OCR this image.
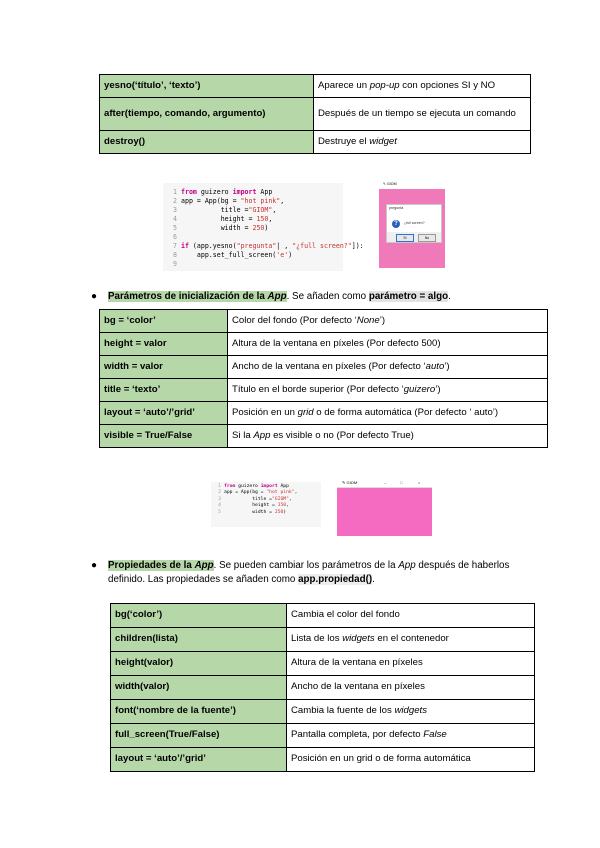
yesno(‘título’, ‘texto’)	Aparece un pop-up con opciones SI y NO
after(tiempo, comando, argumento)	Después de un tiempo se ejecuta un comando
destroy()	Destruye el widget
1 from guizero import App
2 app = App(bg = "hot pink",
3          title ="GIOM",
4          height = 150,
5          width = 250)
6
7 if (app.yesno("pregunta"| , "¿full screen?"]):
8    app.set_full_screen('e')
9
✎ GIOM
pregunta
?	¿full screen?
Sí	No
● Parámetros de inicialización de la App. Se añaden como parámetro = algo.
bg = ‘color’	Color del fondo (Por defecto ‘None’)
height = valor	Altura de la ventana en píxeles (Por defecto 500)
width = valor	Ancho de la ventana en píxeles (Por defecto ‘auto’)
title = ‘texto’	Título en el borde superior (Por defecto ‘guizero’)
layout = ‘auto’/’grid’	Posición en un grid o de forma automática (Por defecto ‘ auto’)
visible = True/False	Si la App es visible o no (Por defecto True)
1 from guizero import App
2 app = App(bg = "hot pink",
3          title ="GIOM",
4          height = 150,
5          width = 250)
✎ GIOM	–	□	×
● Propiedades de la App. Se pueden cambiar los parámetros de la App después de haberlos definido. Las propiedades se añaden como app.propiedad().
bg(‘color’)	Cambia el color del fondo
children(lista)	Lista de los widgets en el contenedor
height(valor)	Altura de la ventana en píxeles
width(valor)	Ancho de la ventana en píxeles
font(‘nombre de la fuente’)	Cambia la fuente de los widgets
full_screen(True/False)	Pantalla completa, por defecto False
layout = ‘auto’/’grid’	Posición en un grid o de forma automática
